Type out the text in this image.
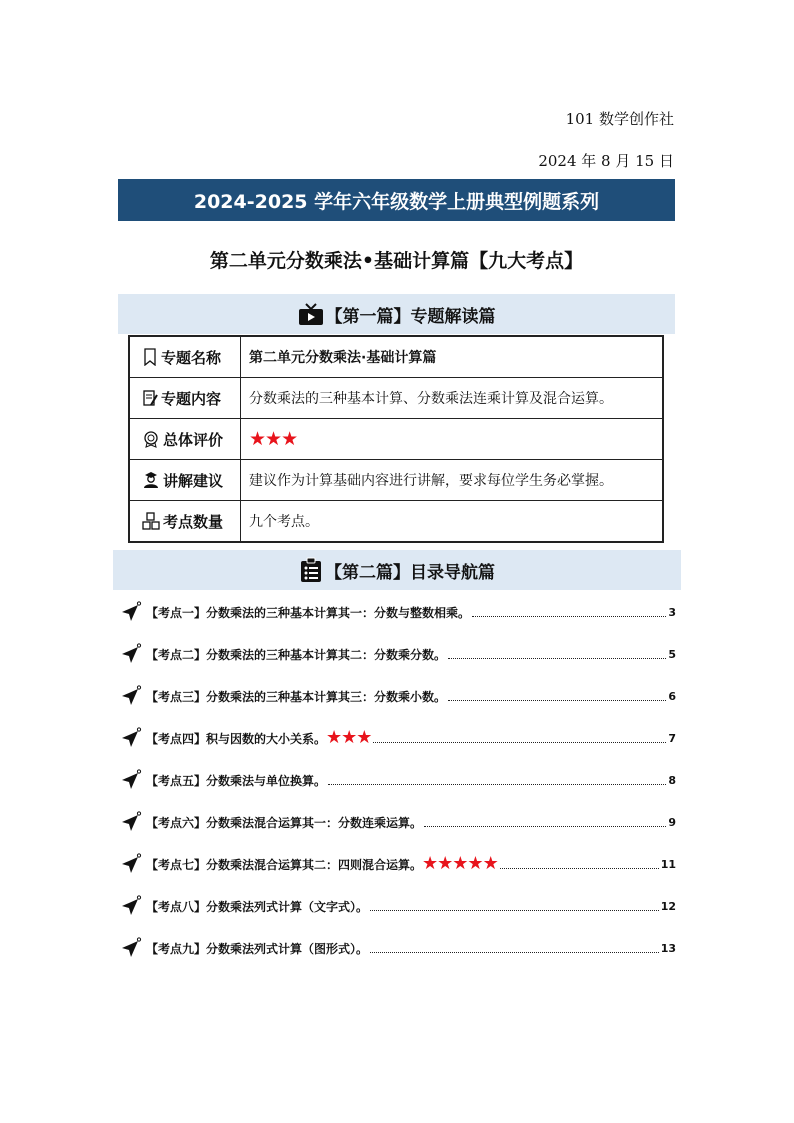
101 数学创作社
2024 年 8 月 15 日
2024-2025 学年六年级数学上册典型例题系列
第二单元分数乘法•基础计算篇【九大考点】
【第一篇】专题解读篇
专题名称	第二单元分数乘法·基础计算篇

专题内容	分数乘法的三种基本计算、分数乘法连乘计算及混合运算。

总体评价	★★★

讲解建议	建议作为计算基础内容进行讲解，要求每位学生务必掌握。

考点数量	九个考点。
【第二篇】目录导航篇
【考点一】分数乘法的三种基本计算其一：分数与整数相乘。	3
【考点二】分数乘法的三种基本计算其二：分数乘分数。	5
【考点三】分数乘法的三种基本计算其三：分数乘小数。	6
【考点四】积与因数的大小关系。 ★★★	7
【考点五】分数乘法与单位换算。	8
【考点六】分数乘法混合运算其一：分数连乘运算。	9
【考点七】分数乘法混合运算其二：四则混合运算。 ★★★★★	11
【考点八】分数乘法列式计算（文字式）。	12
【考点九】分数乘法列式计算（图形式）。	13
